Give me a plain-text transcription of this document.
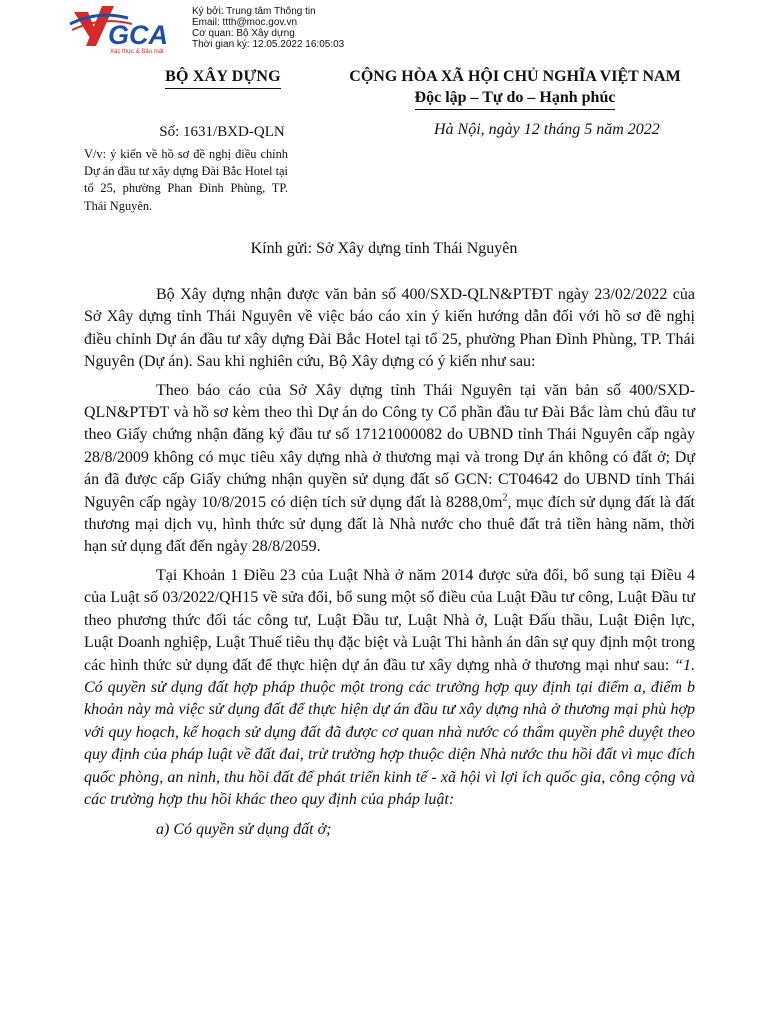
GCA
Xác thực & Bảo mật
Ký bởi: Trung tâm Thông tin
Email: ttth@moc.gov.vn
Cơ quan: Bộ Xây dựng
Thời gian ký: 12.05.2022 16:05:03
BỘ XÂY DỰNG	CỘNG HÒA XÃ HỘI CHỦ NGHĨA VIỆT NAM
Độc lập – Tự do – Hạnh phúc
Số: 1631/BXD-QLN	Hà Nội, ngày 12 tháng 5 năm 2022
V/v: ý kiến về hồ sơ đề nghị điều chỉnh Dự án đầu tư xây dựng Đài Bắc Hotel tại tổ 25, phường Phan Đình Phùng, TP. Thái Nguyên.
Kính gửi: Sở Xây dựng tỉnh Thái Nguyên

Bộ Xây dựng nhận được văn bản số 400/SXD-QLN&PTĐT ngày 23/02/2022 của Sở Xây dựng tỉnh Thái Nguyên về việc báo cáo xin ý kiến hướng dẫn đối với hồ sơ đề nghị điều chỉnh Dự án đầu tư xây dựng Đài Bắc Hotel tại tổ 25, phường Phan Đình Phùng, TP. Thái Nguyên (Dự án). Sau khi nghiên cứu, Bộ Xây dựng có ý kiến như sau:

Theo báo cáo của Sở Xây dựng tỉnh Thái Nguyên tại văn bản số 400/SXD-QLN&PTĐT và hồ sơ kèm theo thì Dự án do Công ty Cổ phần đầu tư Đài Bắc làm chủ đầu tư theo Giấy chứng nhận đăng ký đầu tư số 17121000082 do UBND tỉnh Thái Nguyên cấp ngày 28/8/2009 không có mục tiêu xây dựng nhà ở thương mại và trong Dự án không có đất ở; Dự án đã được cấp Giấy chứng nhận quyền sử dụng đất số GCN: CT04642 do UBND tỉnh Thái Nguyên cấp ngày 10/8/2015 có diện tích sử dụng đất là $8288,0m^2$, mục đích sử dụng đất là đất thương mại dịch vụ, hình thức sử dụng đất là Nhà nước cho thuê đất trả tiền hàng năm, thời hạn sử dụng đất đến ngày 28/8/2059.

Tại Khoản 1 Điều 23 của Luật Nhà ở năm 2014 được sửa đổi, bổ sung tại Điều 4 của Luật số 03/2022/QH15 về sửa đổi, bổ sung một số điều của Luật Đầu tư công, Luật Đầu tư theo phương thức đối tác công tư, Luật Đầu tư, Luật Nhà ở, Luật Đấu thầu, Luật Điện lực, Luật Doanh nghiệp, Luật Thuế tiêu thụ đặc biệt và Luật Thi hành án dân sự quy định một trong các hình thức sử dụng đất để thực hiện dự án đầu tư xây dựng nhà ở thương mại như sau: “1. Có quyền sử dụng đất hợp pháp thuộc một trong các trường hợp quy định tại điểm a, điểm b khoản này mà việc sử dụng đất để thực hiện dự án đầu tư xây dựng nhà ở thương mại phù hợp với quy hoạch, kế hoạch sử dụng đất đã được cơ quan nhà nước có thẩm quyền phê duyệt theo quy định của pháp luật về đất đai, trừ trường hợp thuộc diện Nhà nước thu hồi đất vì mục đích quốc phòng, an ninh, thu hồi đất để phát triển kinh tế - xã hội vì lợi ích quốc gia, công cộng và các trường hợp thu hồi khác theo quy định của pháp luật:

a) Có quyền sử dụng đất ở;
